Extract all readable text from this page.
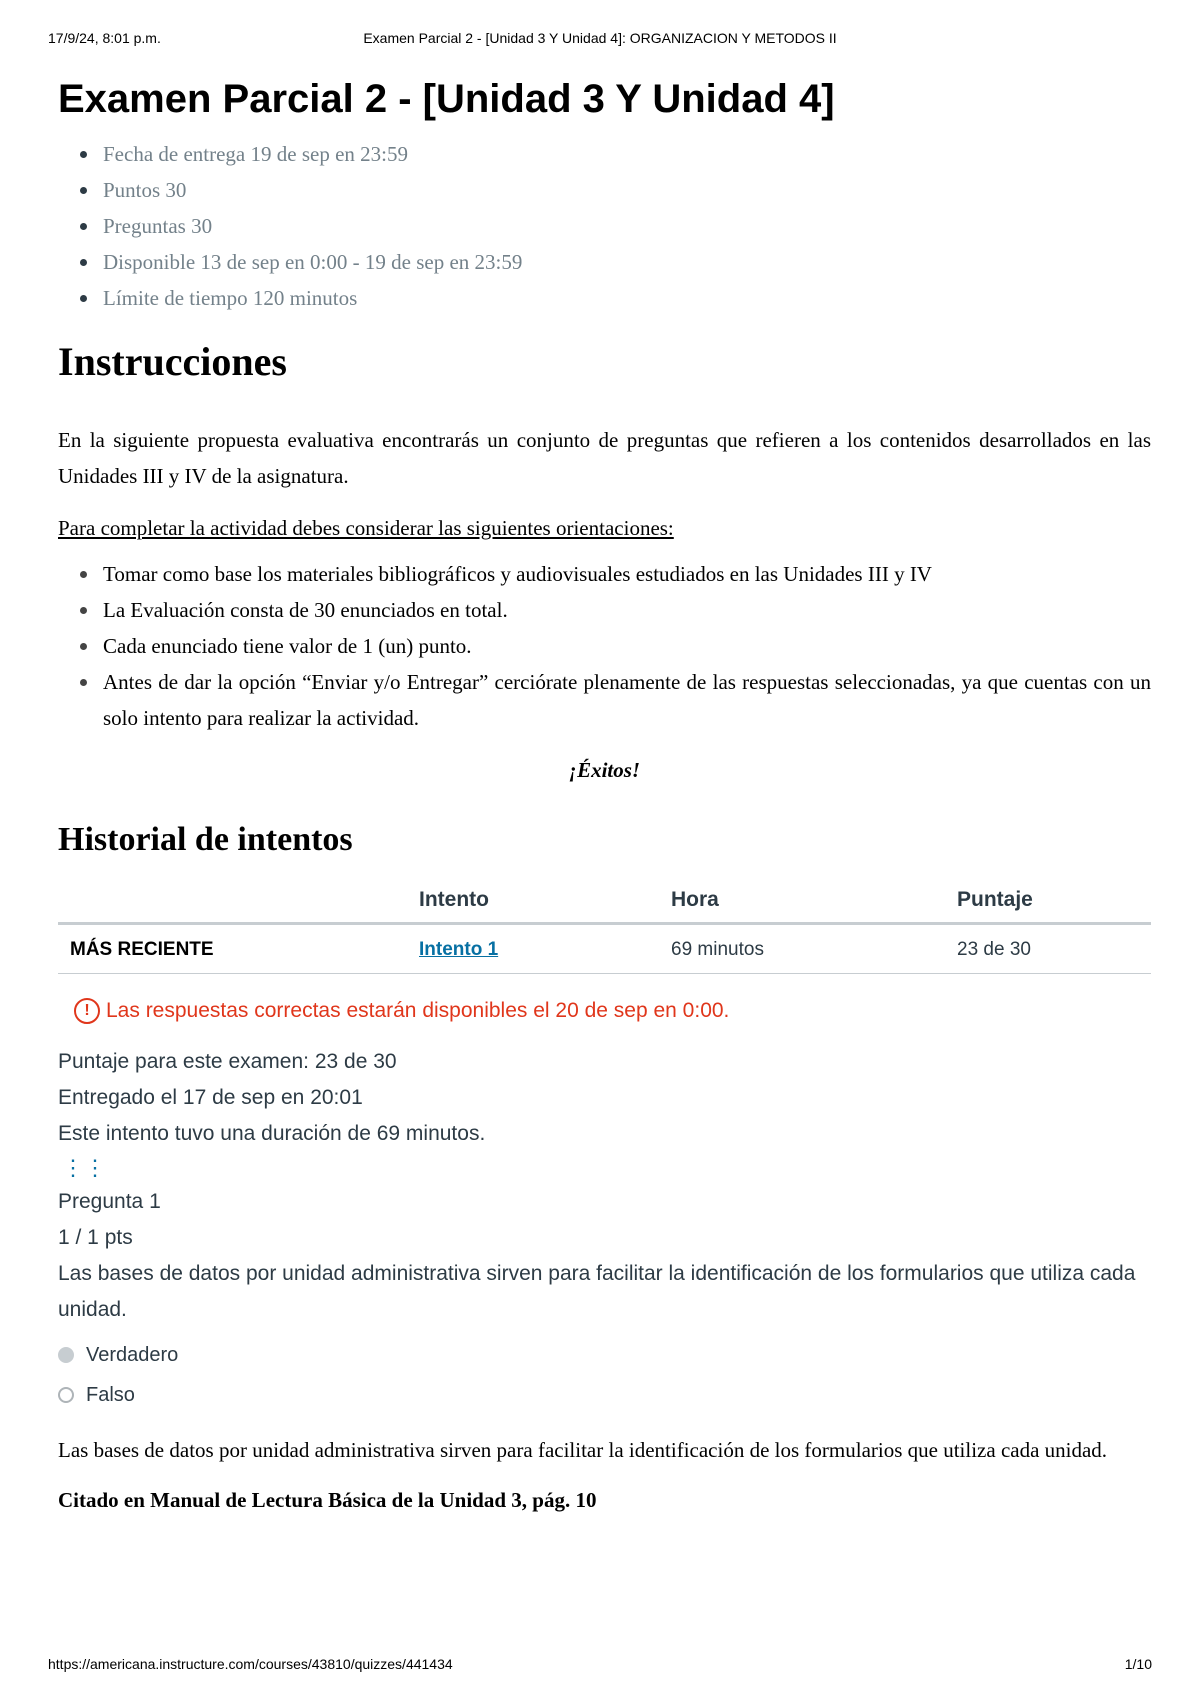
17/9/24, 8:01 p.m.	Examen Parcial 2 - [Unidad 3 Y Unidad 4]: ORGANIZACION Y METODOS II
Examen Parcial 2 - [Unidad 3 Y Unidad 4]
Fecha de entrega 19 de sep en 23:59
Puntos 30
Preguntas 30
Disponible 13 de sep en 0:00 - 19 de sep en 23:59
Límite de tiempo 120 minutos
Instrucciones

En la siguiente propuesta evaluativa encontrarás un conjunto de preguntas que refieren a los contenidos desarrollados en las Unidades III y IV de la asignatura.

Para completar la actividad debes considerar las siguientes orientaciones:

Tomar como base los materiales bibliográficos y audiovisuales estudiados en las Unidades III y IV
La Evaluación consta de 30 enunciados en total.
Cada enunciado tiene valor de 1 (un) punto.
Antes de dar la opción “Enviar y/o Entregar” cerciórate plenamente de las respuestas seleccionadas, ya que cuentas con un solo intento para realizar la actividad.

¡Éxitos!

Historial de intentos
	Intento	Hora	Puntaje
MÁS RECIENTE	Intento 1	69 minutos	23 de 30
! Las respuestas correctas estarán disponibles el 20 de sep en 0:00.
Puntaje para este examen: 23 de 30
Entregado el 17 de sep en 20:01
Este intento tuvo una duración de 69 minutos.
⋮⋮
Pregunta 1
1 / 1 pts
Las bases de datos por unidad administrativa sirven para facilitar la identificación de los formularios que utiliza cada unidad.
Verdadero
Falso

Las bases de datos por unidad administrativa sirven para facilitar la identificación de los formularios que utiliza cada unidad.

Citado en Manual de Lectura Básica de la Unidad 3, pág. 10

https://americana.instructure.com/courses/43810/quizzes/441434	1/10
